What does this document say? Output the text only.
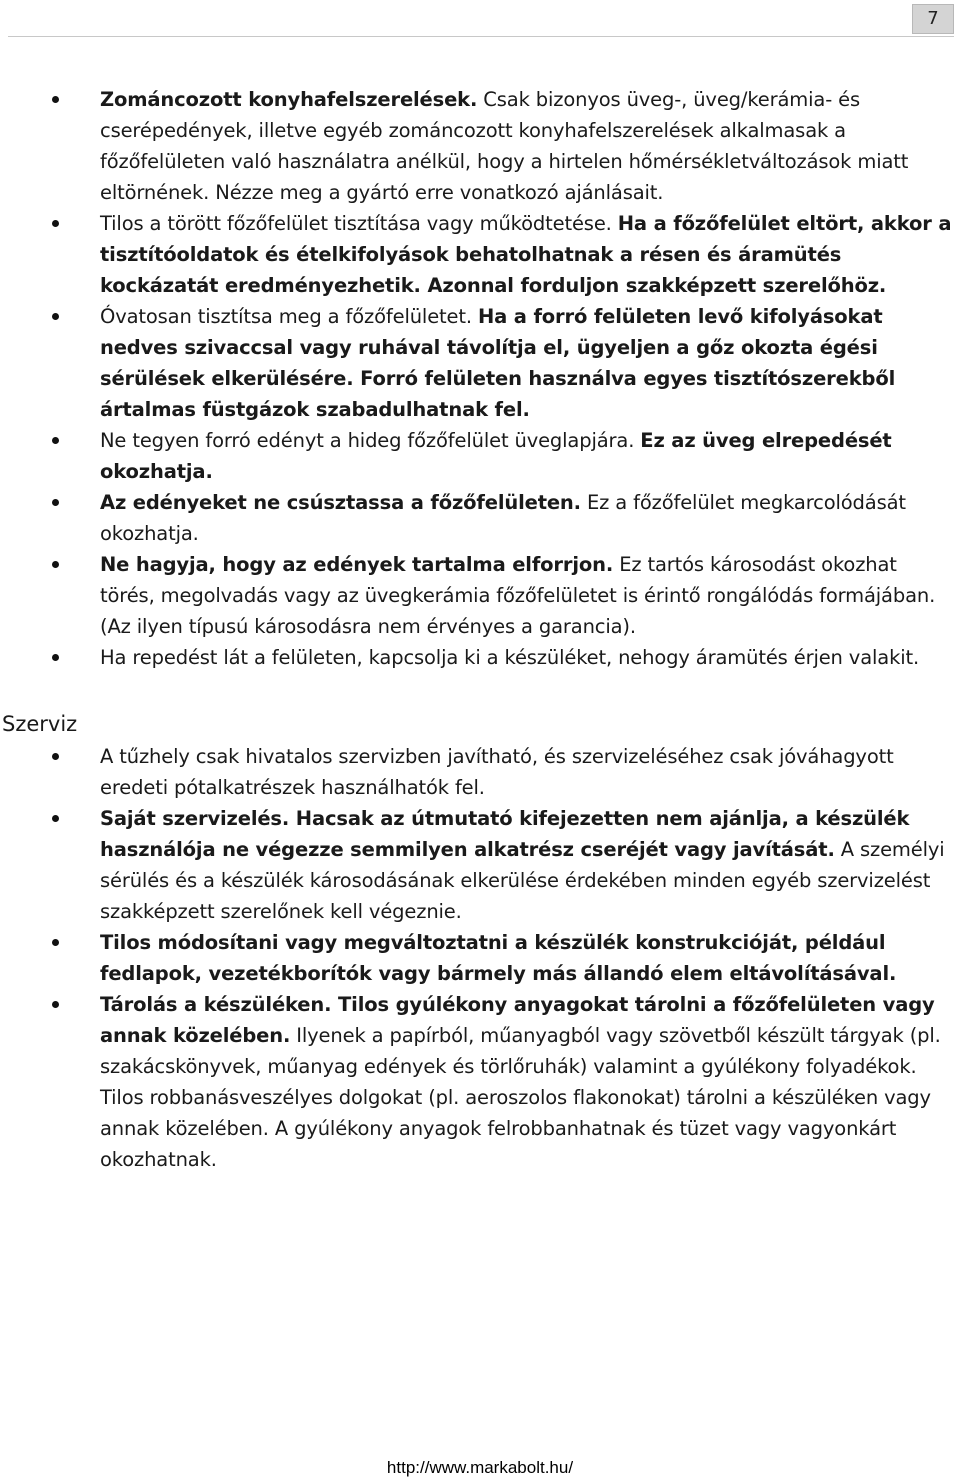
7
Zománcozott konyhafelszerelések. Csak bizonyos üveg-, üveg/kerámia- és cserépedények, illetve egyéb zománcozott konyhafelszerelések alkalmasak a főzőfelületen való használatra anélkül, hogy a hirtelen hőmérsékletváltozások miatt eltörnének. Nézze meg a gyártó erre vonatkozó ajánlásait.
Tilos a törött főzőfelület tisztítása vagy működtetése. Ha a főzőfelület eltört, akkor a tisztítóoldatok és ételkifolyások behatolhatnak a résen és áramütés kockázatát eredményezhetik. Azonnal forduljon szakképzett szerelőhöz.
Óvatosan tisztítsa meg a főzőfelületet. Ha a forró felületen levő kifolyásokat nedves szivaccsal vagy ruhával távolítja el, ügyeljen a gőz okozta égési sérülések elkerülésére. Forró felületen használva egyes tisztítószerekből ártalmas füstgázok szabadulhatnak fel.
Ne tegyen forró edényt a hideg főzőfelület üveglapjára. Ez az üveg elrepedését okozhatja.
Az edényeket ne csúsztassa a főzőfelületen. Ez a főzőfelület megkarcolódását okozhatja.
Ne hagyja, hogy az edények tartalma elforrjon. Ez tartós károsodást okozhat törés, megolvadás vagy az üvegkerámia főzőfelületet is érintő rongálódás formájában. (Az ilyen típusú károsodásra nem érvényes a garancia).
Ha repedést lát a felületen, kapcsolja ki a készüléket, nehogy áramütés érjen valakit.
Szerviz
A tűzhely csak hivatalos szervizben javítható, és szervizeléséhez csak jóváhagyott eredeti pótalkatrészek használhatók fel.
Saját szervizelés. Hacsak az útmutató kifejezetten nem ajánlja, a készülék használója ne végezze semmilyen alkatrész cseréjét vagy javítását. A személyi sérülés és a készülék károsodásának elkerülése érdekében minden egyéb szervizelést szakképzett szerelőnek kell végeznie.
Tilos módosítani vagy megváltoztatni a készülék konstrukcióját, például fedlapok, vezetékborítók vagy bármely más állandó elem eltávolításával.
Tárolás a készüléken. Tilos gyúlékony anyagokat tárolni a főzőfelületen vagy annak közelében. Ilyenek a papírból, műanyagból vagy szövetből készült tárgyak (pl. szakácskönyvek, műanyag edények és törlőruhák) valamint a gyúlékony folyadékok. Tilos robbanásveszélyes dolgokat (pl. aeroszolos flakonokat) tárolni a készüléken vagy annak közelében. A gyúlékony anyagok felrobbanhatnak és tüzet vagy vagyonkárt okozhatnak.
http://www.markabolt.hu/
